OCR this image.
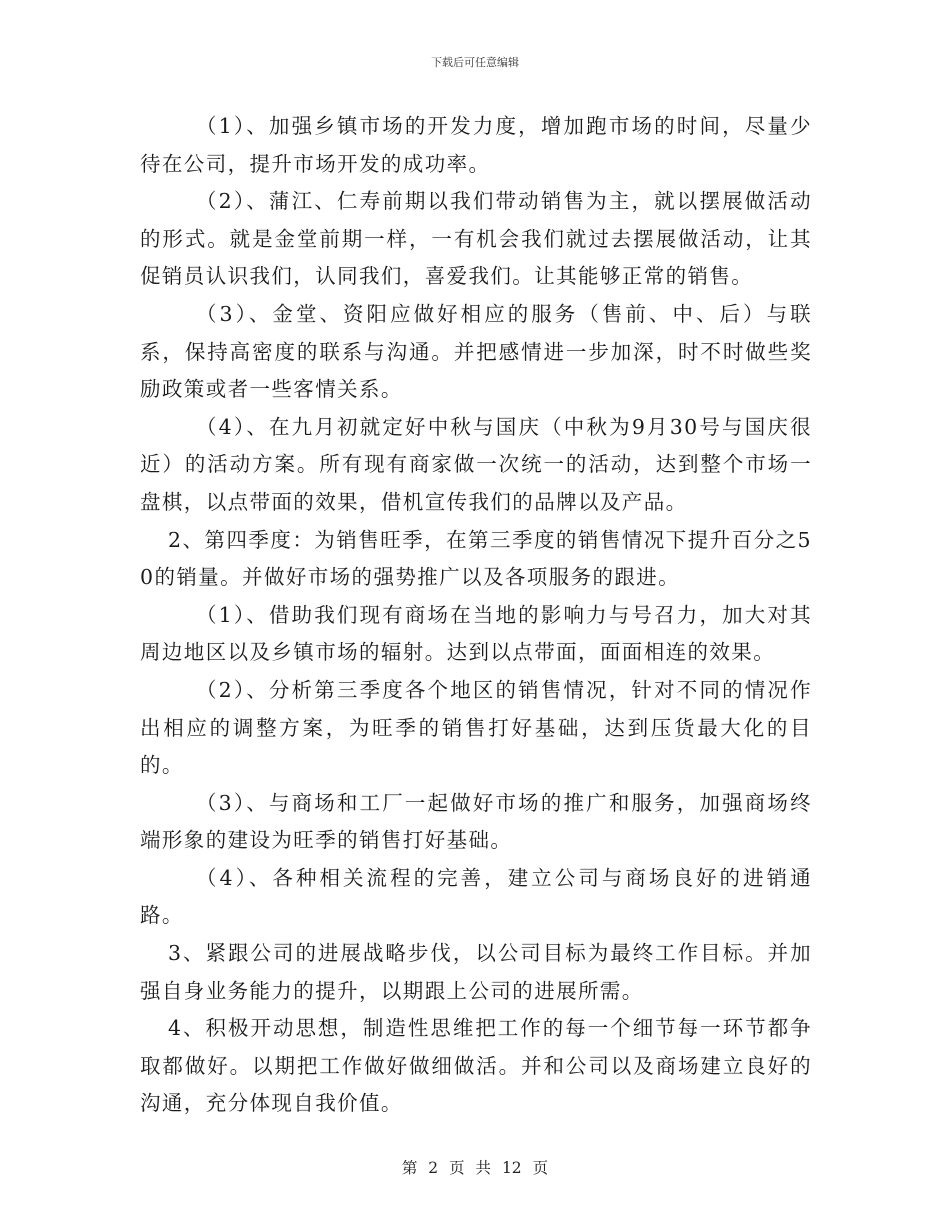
下载后可任意编辑

（1）、加强乡镇市场的开发力度，增加跑市场的时间，尽量少待在公司，提升市场开发的成功率。

（2）、蒲江、仁寿前期以我们带动销售为主，就以摆展做活动的形式。就是金堂前期一样，一有机会我们就过去摆展做活动，让其促销员认识我们，认同我们，喜爱我们。让其能够正常的销售。

（3）、金堂、资阳应做好相应的服务（售前、中、后）与联系，保持高密度的联系与沟通。并把感情进一步加深，时不时做些奖励政策或者一些客情关系。

（4）、在九月初就定好中秋与国庆（中秋为9月30号与国庆很近）的活动方案。所有现有商家做一次统一的活动，达到整个市场一盘棋，以点带面的效果，借机宣传我们的品牌以及产品。

2、第四季度：为销售旺季，在第三季度的销售情况下提升百分之50的销量。并做好市场的强势推广以及各项服务的跟进。

（1）、借助我们现有商场在当地的影响力与号召力，加大对其周边地区以及乡镇市场的辐射。达到以点带面，面面相连的效果。

（2）、分析第三季度各个地区的销售情况，针对不同的情况作出相应的调整方案，为旺季的销售打好基础，达到压货最大化的目的。

（3）、与商场和工厂一起做好市场的推广和服务，加强商场终端形象的建设为旺季的销售打好基础。

（4）、各种相关流程的完善，建立公司与商场良好的进销通路。

3、紧跟公司的进展战略步伐，以公司目标为最终工作目标。并加强自身业务能力的提升，以期跟上公司的进展所需。

4、积极开动思想，制造性思维把工作的每一个细节每一环节都争取都做好。以期把工作做好做细做活。并和公司以及商场建立良好的沟通，充分体现自我价值。

第 2 页 共 12 页
